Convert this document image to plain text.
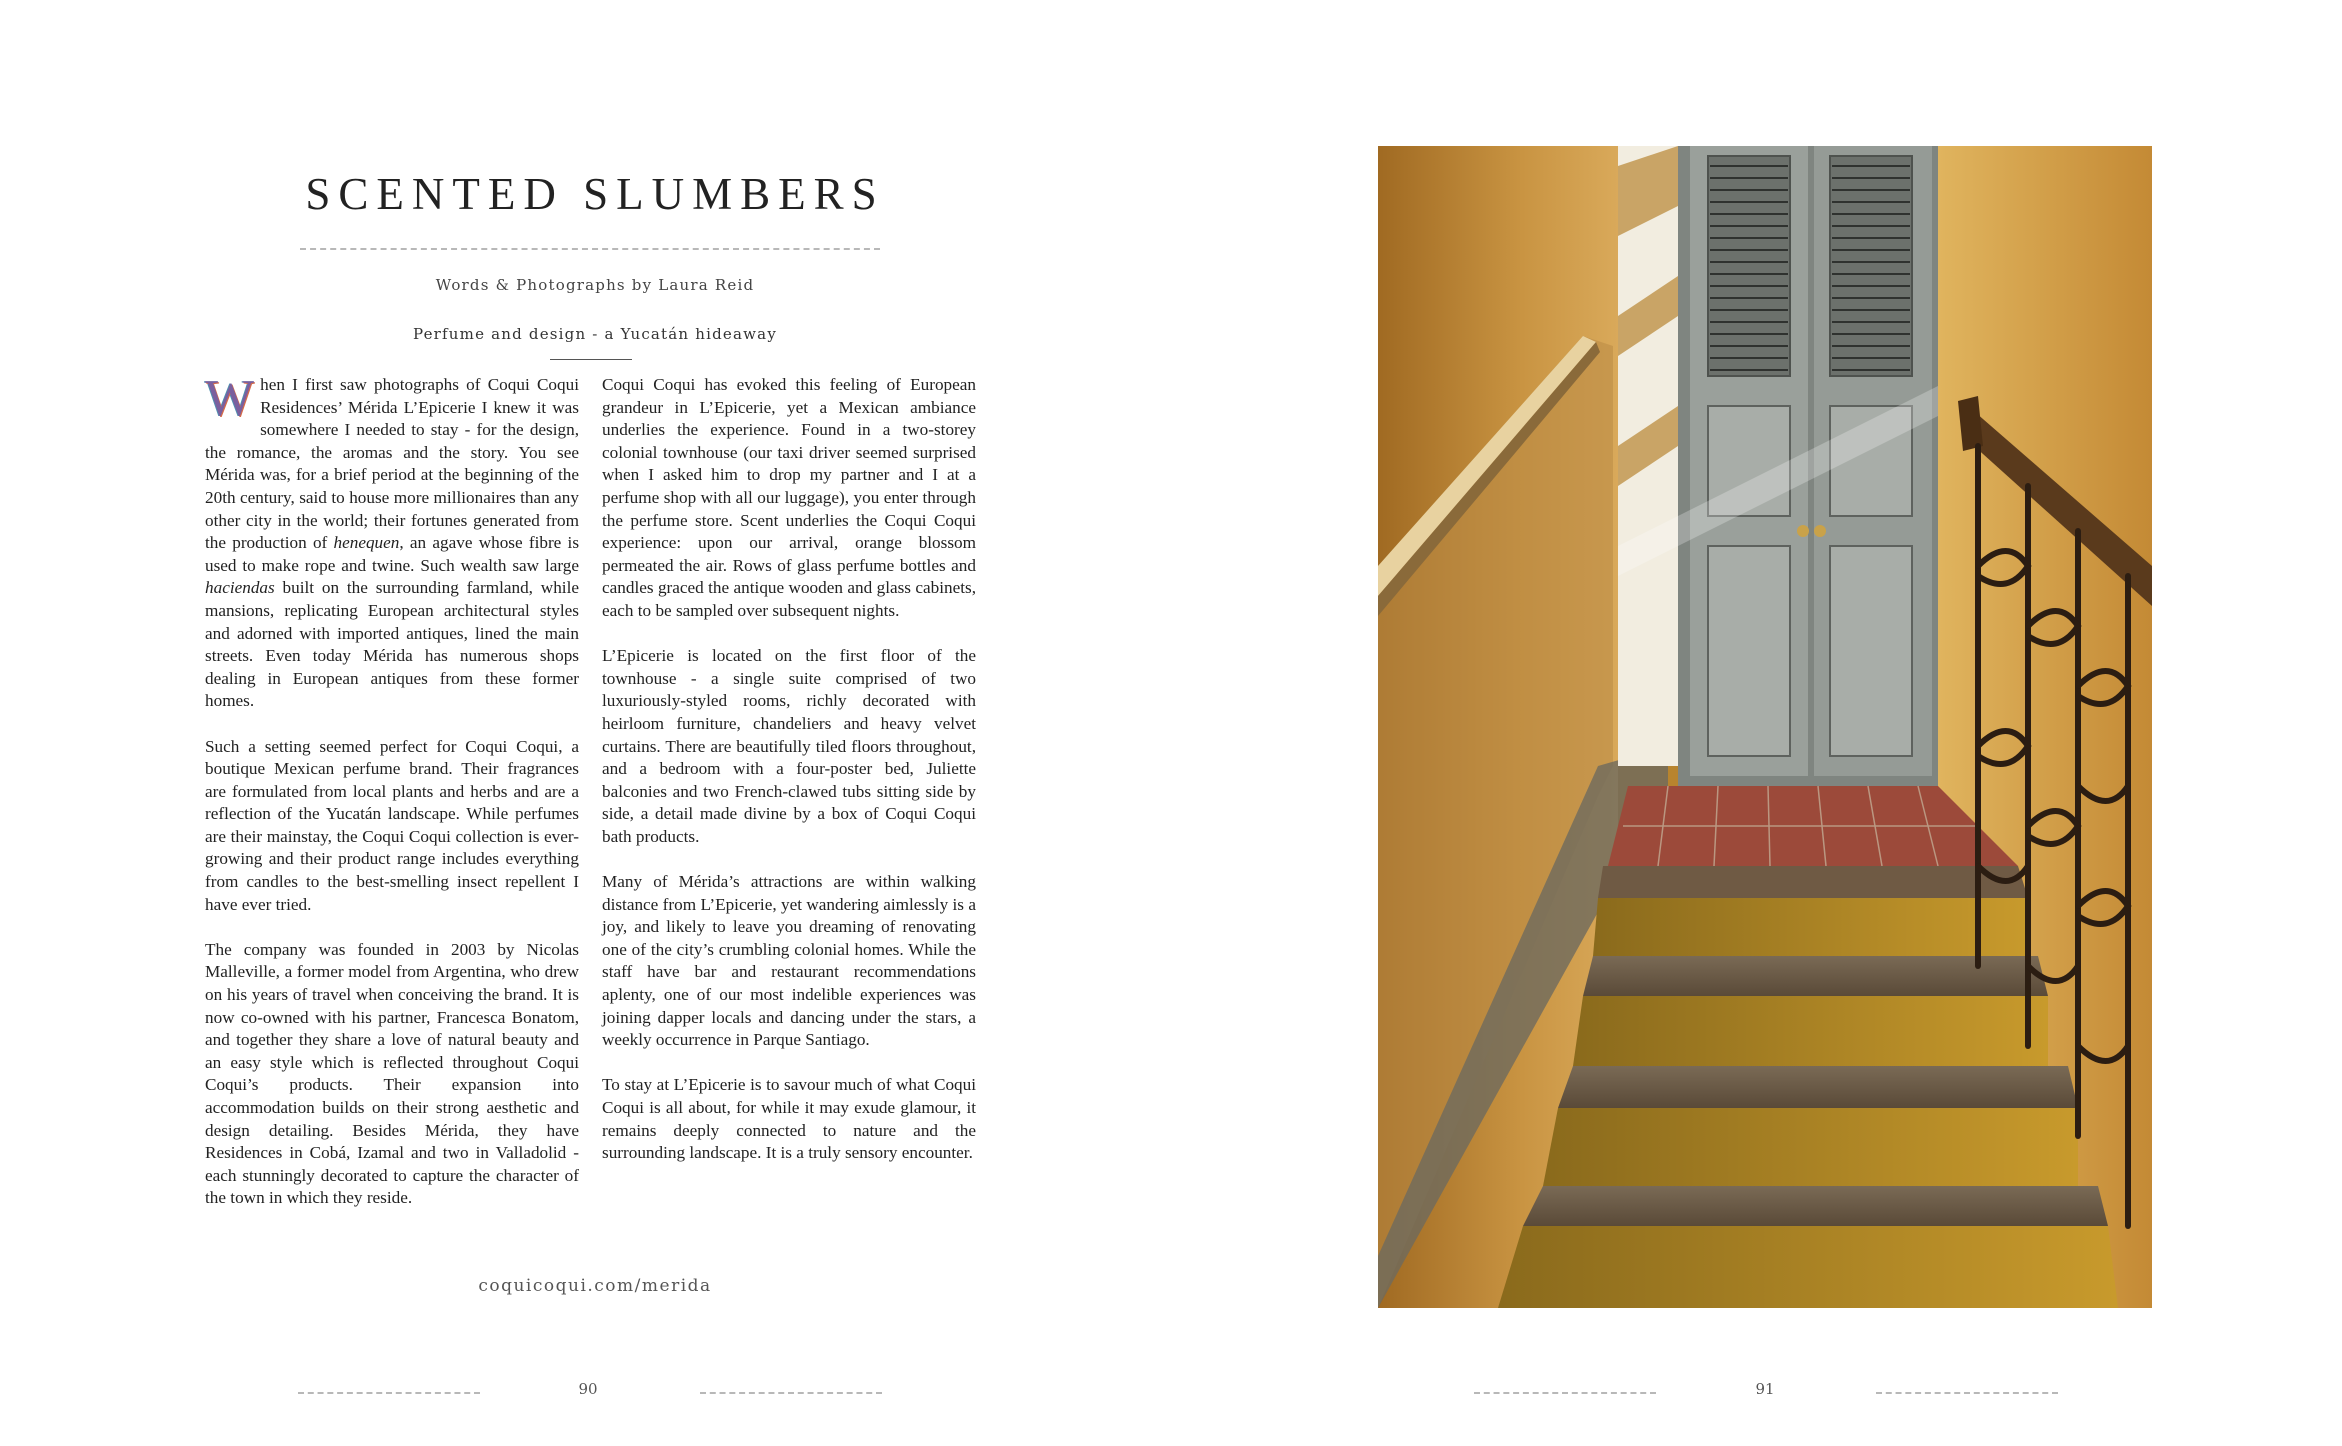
SCENTED SLUMBERS
Words & Photographs by Laura Reid
Perfume and design - a Yucatán hideaway

When I first saw photographs of Coqui Coqui Residences’ Mérida L’Epicerie I knew it was somewhere I needed to stay - for the design, the romance, the aromas and the story. You see Mérida was, for a brief period at the beginning of the 20th century, said to house more millionaires than any other city in the world; their fortunes generated from the production of henequen, an agave whose fibre is used to make rope and twine. Such wealth saw large haciendas built on the surrounding farmland, while mansions, replicating European architectural styles and adorned with imported antiques, lined the main streets. Even today Mérida has numerous shops dealing in European antiques from these former homes.

Such a setting seemed perfect for Coqui Coqui, a boutique Mexican perfume brand. Their fragrances are formulated from local plants and herbs and are a reflection of the Yucatán landscape. While perfumes are their mainstay, the Coqui Coqui collection is ever-growing and their product range includes everything from candles to the best-smelling insect repellent I have ever tried.

The company was founded in 2003 by Nicolas Malleville, a former model from Argentina, who drew on his years of travel when conceiving the brand. It is now co-owned with his partner, Francesca Bonatom, and together they share a love of natural beauty and an easy style which is reflected throughout Coqui Coqui’s products. Their expansion into accommodation builds on their strong aesthetic and design detailing. Besides Mérida, they have Residences in Cobá, Izamal and two in Valladolid - each stunningly decorated to capture the character of the town in which they reside.

Coqui Coqui has evoked this feeling of European grandeur in L’Epicerie, yet a Mexican ambiance underlies the experience. Found in a two-storey colonial townhouse (our taxi driver seemed surprised when I asked him to drop my partner and I at a perfume shop with all our luggage), you enter through the perfume store. Scent underlies the Coqui Coqui experience: upon our arrival, orange blossom permeated the air. Rows of glass perfume bottles and candles graced the antique wooden and glass cabinets, each to be sampled over subsequent nights.

L’Epicerie is located on the first floor of the townhouse - a single suite comprised of two luxuriously-styled rooms, richly decorated with heirloom furniture, chandeliers and heavy velvet curtains. There are beautifully tiled floors throughout, and a bedroom with a four-poster bed, Juliette balconies and two French-clawed tubs sitting side by side, a detail made divine by a box of Coqui Coqui bath products.

Many of Mérida’s attractions are within walking distance from L’Epicerie, yet wandering aimlessly is a joy, and likely to leave you dreaming of renovating one of the city’s crumbling colonial homes. While the staff have bar and restaurant recommendations aplenty, one of our most indelible experiences was joining dapper locals and dancing under the stars, a weekly occurrence in Parque Santiago.

To stay at L’Epicerie is to savour much of what Coqui Coqui is all about, for while it may exude glamour, it remains deeply connected to nature and the surrounding landscape. It is a truly sensory encounter.

coquicoqui.com/merida
90	91
